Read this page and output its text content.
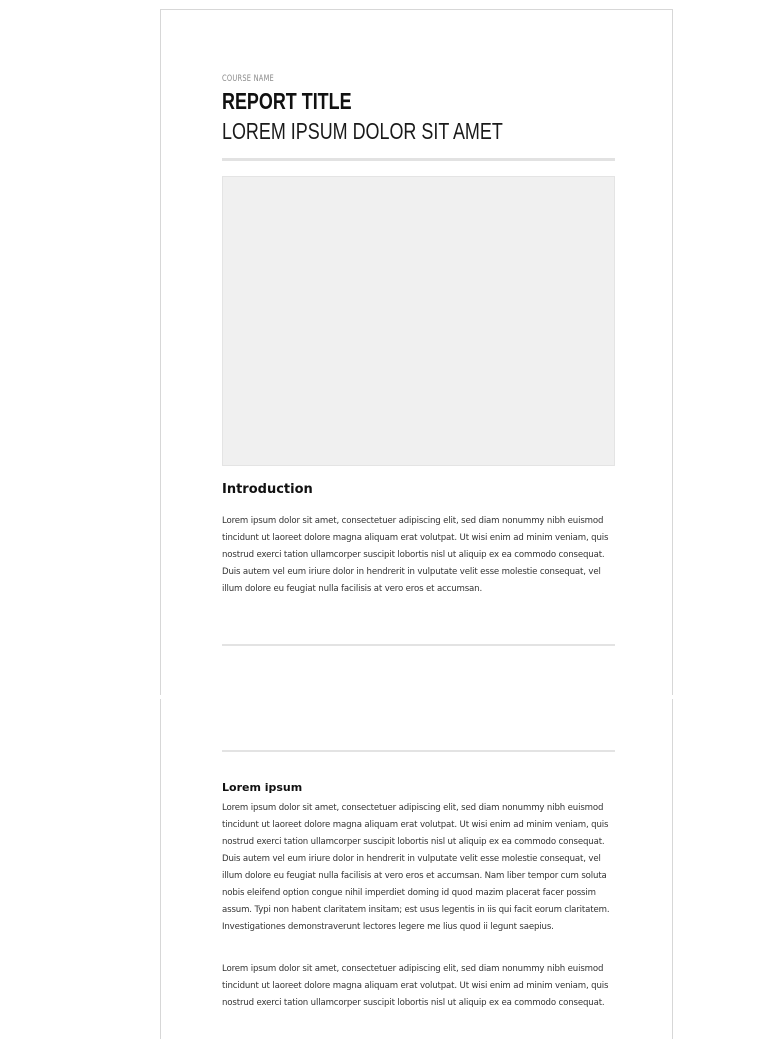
COURSE NAME
REPORT TITLE
LOREM IPSUM DOLOR SIT AMET
Introduction
Lorem ipsum dolor sit amet, consectetuer adipiscing elit, sed diam nonummy nibh euismod tincidunt ut laoreet dolore magna aliquam erat volutpat. Ut wisi enim ad minim veniam, quis nostrud exerci tation ullamcorper suscipit lobortis nisl ut aliquip ex ea commodo consequat. Duis autem vel eum iriure dolor in hendrerit in vulputate velit esse molestie consequat, vel illum dolore eu feugiat nulla facilisis at vero eros et accumsan.
Lorem ipsum
Lorem ipsum dolor sit amet, consectetuer adipiscing elit, sed diam nonummy nibh euismod tincidunt ut laoreet dolore magna aliquam erat volutpat. Ut wisi enim ad minim veniam, quis nostrud exerci tation ullamcorper suscipit lobortis nisl ut aliquip ex ea commodo consequat. Duis autem vel eum iriure dolor in hendrerit in vulputate velit esse molestie consequat, vel illum dolore eu feugiat nulla facilisis at vero eros et accumsan. Nam liber tempor cum soluta nobis eleifend option congue nihil imperdiet doming id quod mazim placerat facer possim assum. Typi non habent claritatem insitam; est usus legentis in iis qui facit eorum claritatem. Investigationes demonstraverunt lectores legere me lius quod ii legunt saepius.
Lorem ipsum dolor sit amet, consectetuer adipiscing elit, sed diam nonummy nibh euismod tincidunt ut laoreet dolore magna aliquam erat volutpat. Ut wisi enim ad minim veniam, quis nostrud exerci tation ullamcorper suscipit lobortis nisl ut aliquip ex ea commodo consequat.
